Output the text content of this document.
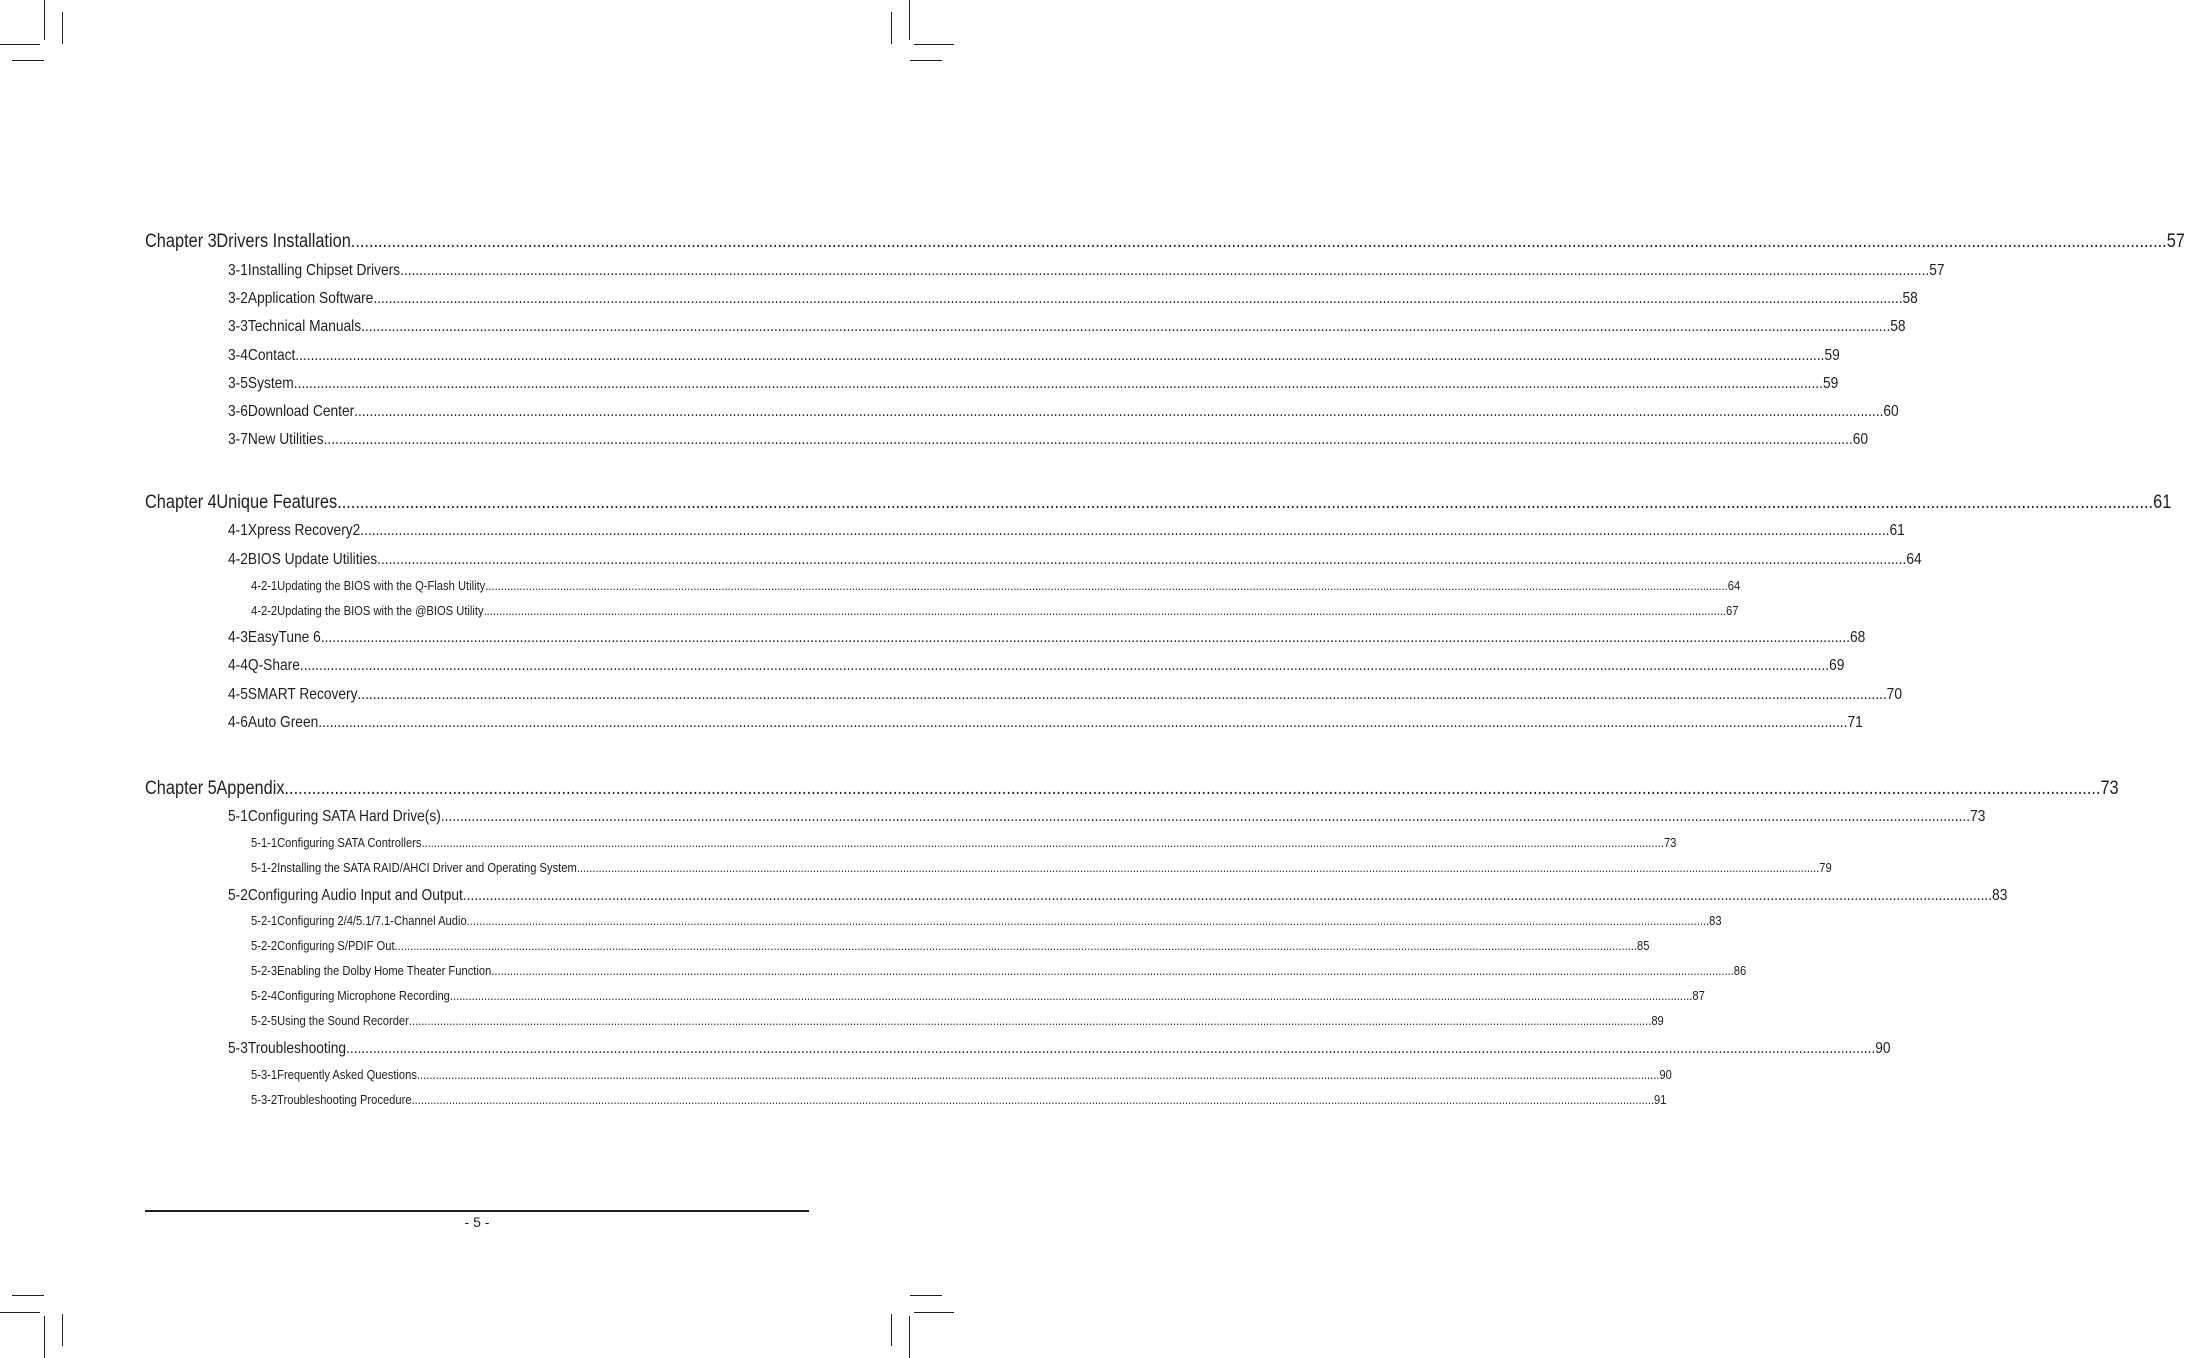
Chapter 3 Drivers Installation ................................................................................................................................................................................................................................................................................................................................................................................................................ 57
3-1 Installing Chipset Drivers ................................................................................................................................................................................................................................................................................................................................................................................................................ 57
3-2 Application Software ................................................................................................................................................................................................................................................................................................................................................................................................................ 58
3-3 Technical Manuals ................................................................................................................................................................................................................................................................................................................................................................................................................ 58
3-4 Contact ................................................................................................................................................................................................................................................................................................................................................................................................................ 59
3-5 System ................................................................................................................................................................................................................................................................................................................................................................................................................ 59
3-6 Download Center ................................................................................................................................................................................................................................................................................................................................................................................................................ 60
3-7 New Utilities ................................................................................................................................................................................................................................................................................................................................................................................................................ 60
Chapter 4 Unique Features ................................................................................................................................................................................................................................................................................................................................................................................................................ 61
4-1 Xpress Recovery2 ................................................................................................................................................................................................................................................................................................................................................................................................................ 61
4-2 BIOS Update Utilities ................................................................................................................................................................................................................................................................................................................................................................................................................ 64
4-2-1 Updating the BIOS with the Q-Flash Utility ................................................................................................................................................................................................................................................................................................................................................................................................................ 64
4-2-2 Updating the BIOS with the @BIOS Utility ................................................................................................................................................................................................................................................................................................................................................................................................................ 67
4-3 EasyTune 6 ................................................................................................................................................................................................................................................................................................................................................................................................................ 68
4-4 Q-Share ................................................................................................................................................................................................................................................................................................................................................................................................................ 69
4-5 SMART Recovery ................................................................................................................................................................................................................................................................................................................................................................................................................ 70
4-6 Auto Green ................................................................................................................................................................................................................................................................................................................................................................................................................ 71
Chapter 5 Appendix ................................................................................................................................................................................................................................................................................................................................................................................................................ 73
5-1 Configuring SATA Hard Drive(s) ................................................................................................................................................................................................................................................................................................................................................................................................................ 73
5-1-1 Configuring SATA Controllers ................................................................................................................................................................................................................................................................................................................................................................................................................ 73
5-1-2 Installing the SATA RAID/AHCI Driver and Operating System ................................................................................................................................................................................................................................................................................................................................................................................................................ 79
5-2 Configuring Audio Input and Output ................................................................................................................................................................................................................................................................................................................................................................................................................ 83
5-2-1 Configuring 2/4/5.1/7.1-Channel Audio ................................................................................................................................................................................................................................................................................................................................................................................................................ 83
5-2-2 Configuring S/PDIF Out ................................................................................................................................................................................................................................................................................................................................................................................................................ 85
5-2-3 Enabling the Dolby Home Theater Function ................................................................................................................................................................................................................................................................................................................................................................................................................ 86
5-2-4 Configuring Microphone Recording ................................................................................................................................................................................................................................................................................................................................................................................................................ 87
5-2-5 Using the Sound Recorder ................................................................................................................................................................................................................................................................................................................................................................................................................ 89
5-3 Troubleshooting ................................................................................................................................................................................................................................................................................................................................................................................................................ 90
5-3-1 Frequently Asked Questions ................................................................................................................................................................................................................................................................................................................................................................................................................ 90
5-3-2 Troubleshooting Procedure ................................................................................................................................................................................................................................................................................................................................................................................................................ 91
- 5 -
